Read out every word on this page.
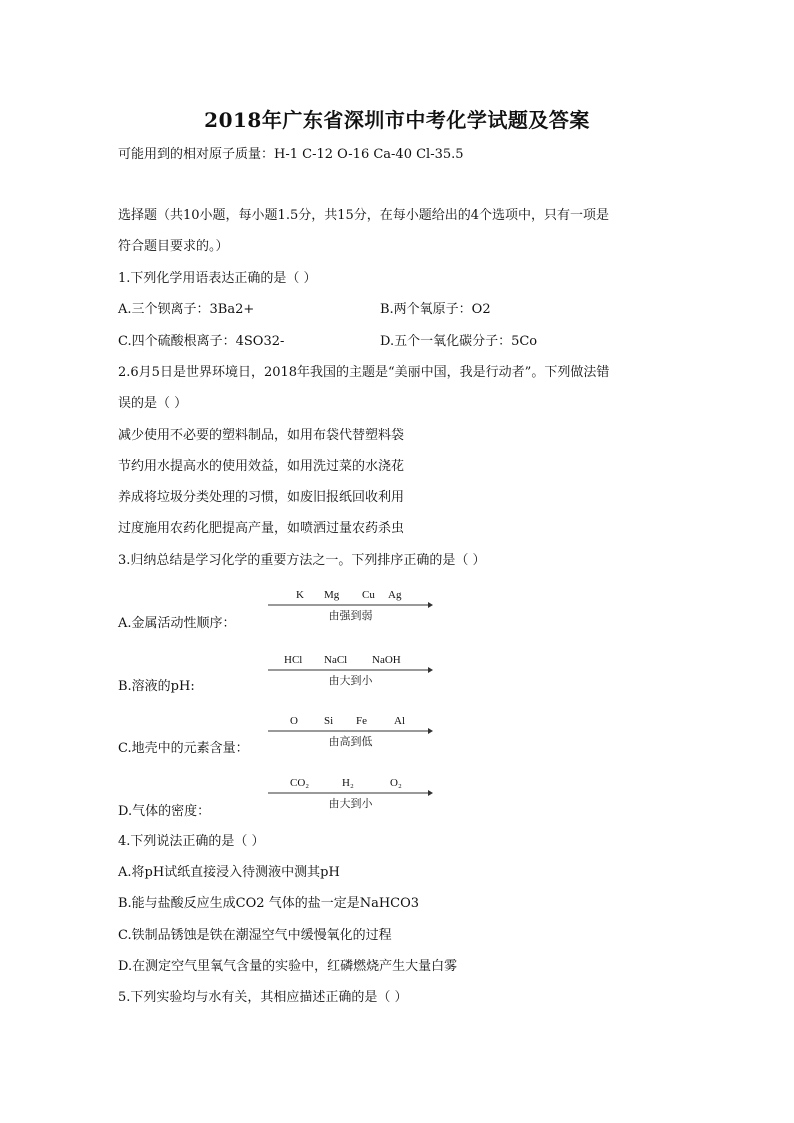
2018年广东省深圳市中考化学试题及答案
可能用到的相对原子质量：H-1 C-12 O-16 Ca-40 Cl-35.5
选择题（共10小题，每小题1.5分，共15分，在每小题给出的4个选项中，只有一项是
符合题目要求的。）
1.下列化学用语表达正确的是（ ）
A.三个钡离子：3Ba2+	B.两个氧原子：O2
C.四个硫酸根离子：4SO32-	D.五个一氧化碳分子：5Co
2.6月5日是世界环境日，2018年我国的主题是“美丽中国，我是行动者”。下列做法错
误的是（ ）
减少使用不必要的塑料制品，如用布袋代替塑料袋
节约用水提高水的使用效益，如用洗过菜的水浇花
养成将垃圾分类处理的习惯，如废旧报纸回收利用
过度施用农药化肥提高产量，如喷洒过量农药杀虫
3.归纳总结是学习化学的重要方法之一。下列排序正确的是（ ）
K Mg Cu Ag
由强到弱
A.金属活动性顺序：
HCl NaCl NaOH
由大到小
B.溶液的pH:
O Si Fe Al
由高到低
C.地壳中的元素含量：
CO₂	H₂	O₂
由大到小
D.气体的密度：
4.下列说法正确的是（ ）
A.将pH试纸直接浸入待测液中测其pH
B.能与盐酸反应生成CO2 气体的盐一定是NaHCO3
C.铁制品锈蚀是铁在潮湿空气中缓慢氧化的过程
D.在测定空气里氧气含量的实验中，红磷燃烧产生大量白雾
5.下列实验均与水有关，其相应描述正确的是（ ）
